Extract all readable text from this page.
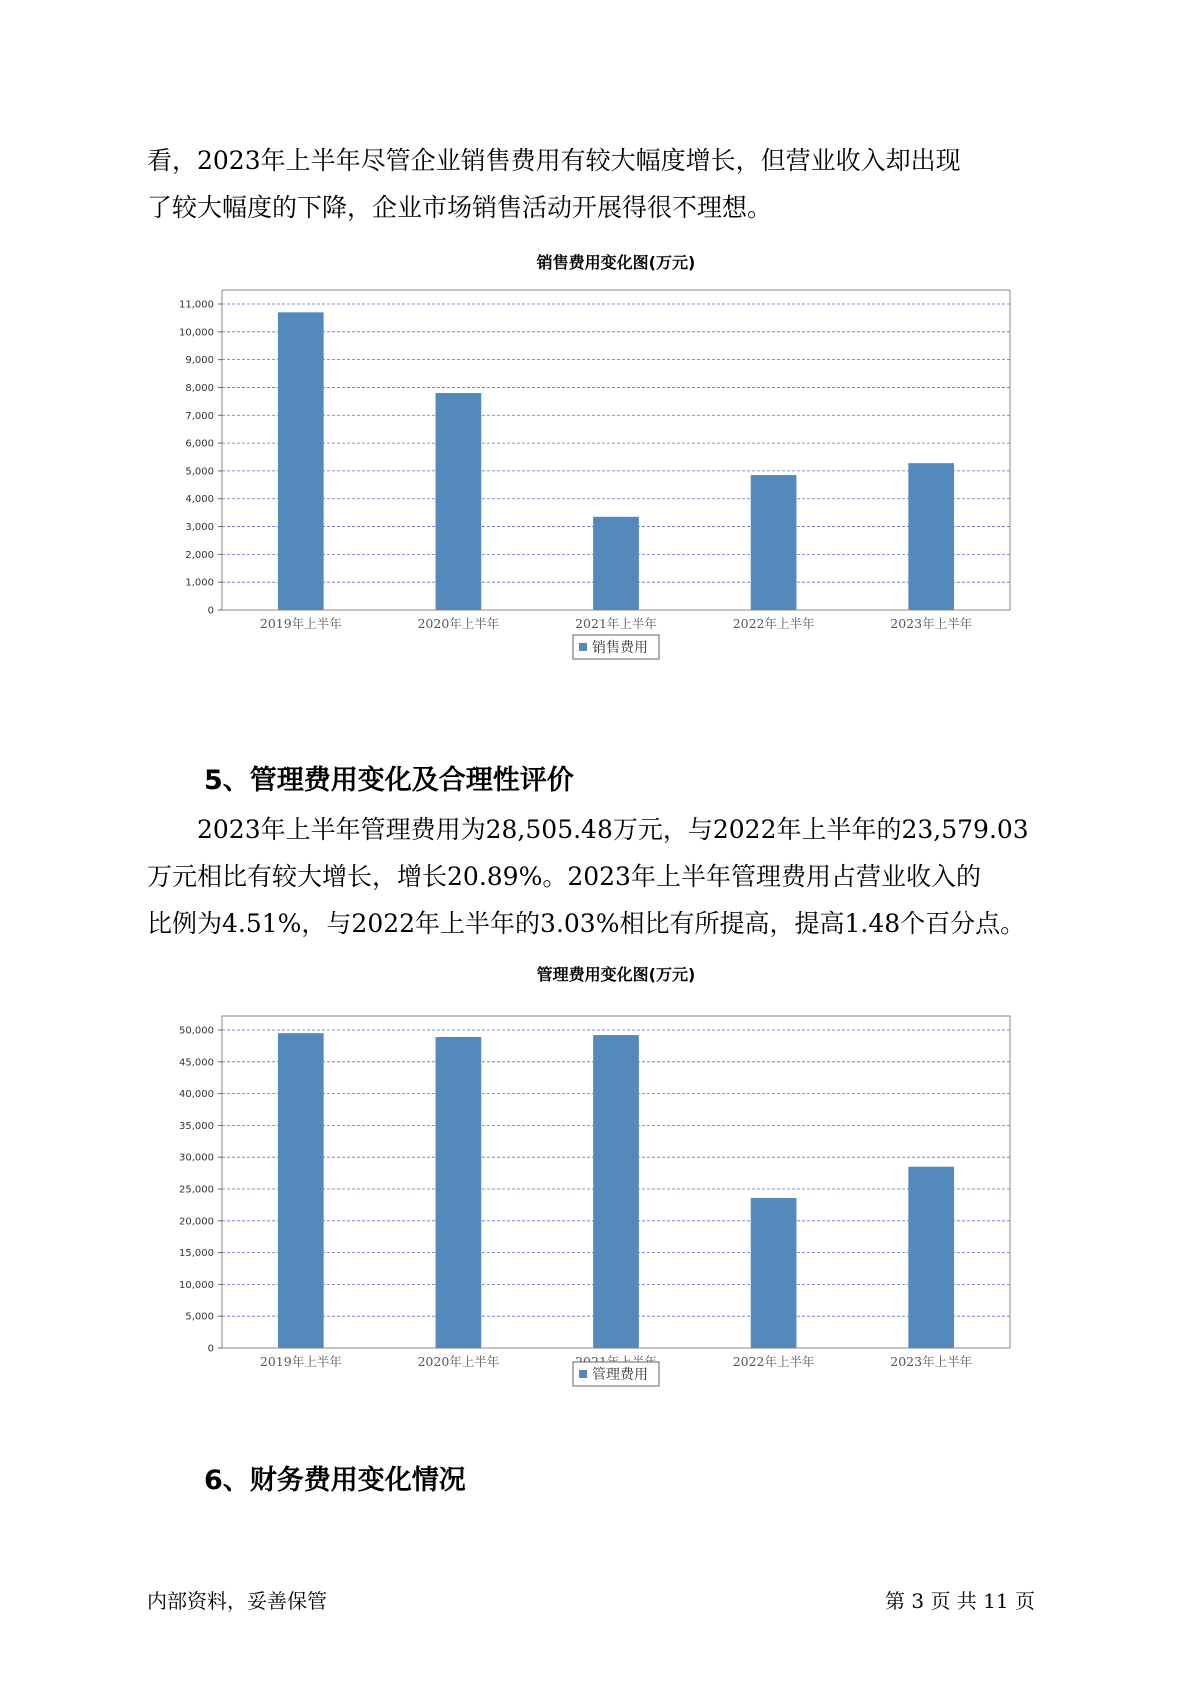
看，2023年上半年尽管企业销售费用有较大幅度增长，但营业收入却出现
了较大幅度的下降，企业市场销售活动开展得很不理想。
销售费用变化图(万元)
0
1,000
2,000
3,000
4,000
5,000
6,000
7,000
8,000
9,000
10,000
11,000
2019年上半年	2020年上半年	2021年上半年	2022年上半年	2023年上半年
销售费用
5、管理费用变化及合理性评价
2023年上半年管理费用为28,505.48万元，与2022年上半年的23,579.03
万元相比有较大增长，增长20.89%。2023年上半年管理费用占营业收入的
比例为4.51%，与2022年上半年的3.03%相比有所提高，提高1.48个百分点。
管理费用变化图(万元)
0
5,000
10,000
15,000
20,000
25,000
30,000
35,000
40,000
45,000
50,000
2019年上半年	2020年上半年	2022年上半年	2023年上半年
管理费用
6、财务费用变化情况
内部资料，妥善保管	第 3 页 共 11 页
